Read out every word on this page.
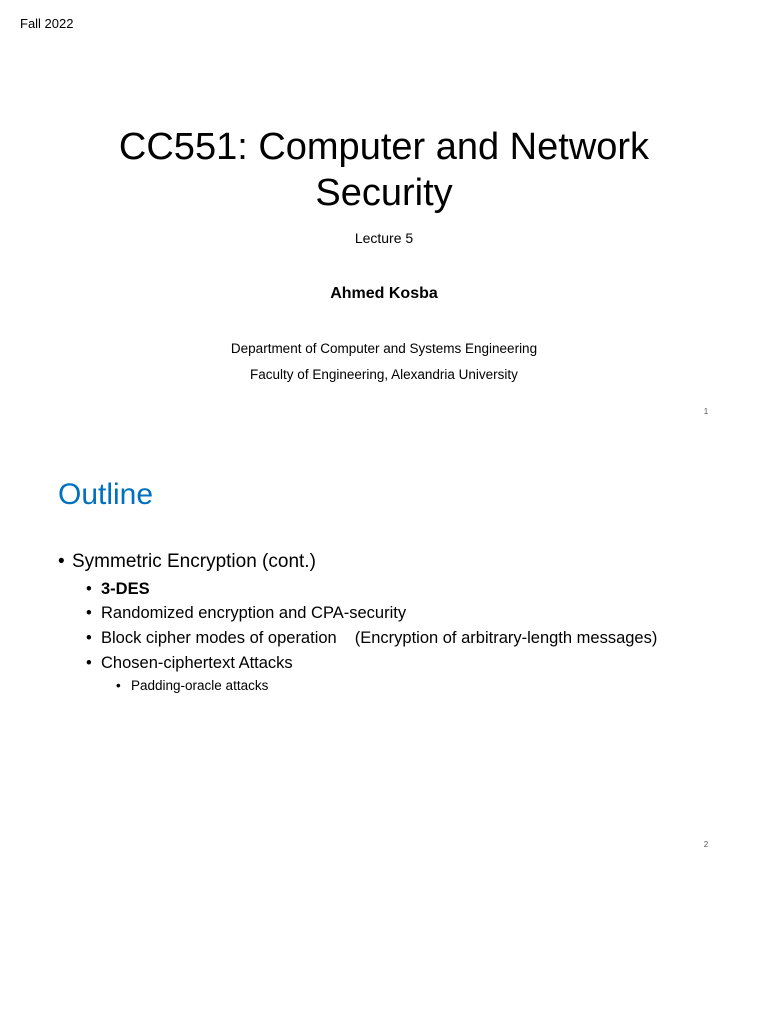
Fall 2022
CC551: Computer and Network
Security
Lecture 5
Ahmed Kosba
Department of Computer and Systems Engineering
Faculty of Engineering, Alexandria University
1
Outline
• Symmetric Encryption (cont.)
• 3-DES
• Randomized encryption and CPA-security
• Block cipher modes of operation (Encryption of arbitrary-length messages)
• Chosen-ciphertext Attacks
• Padding-oracle attacks
2
